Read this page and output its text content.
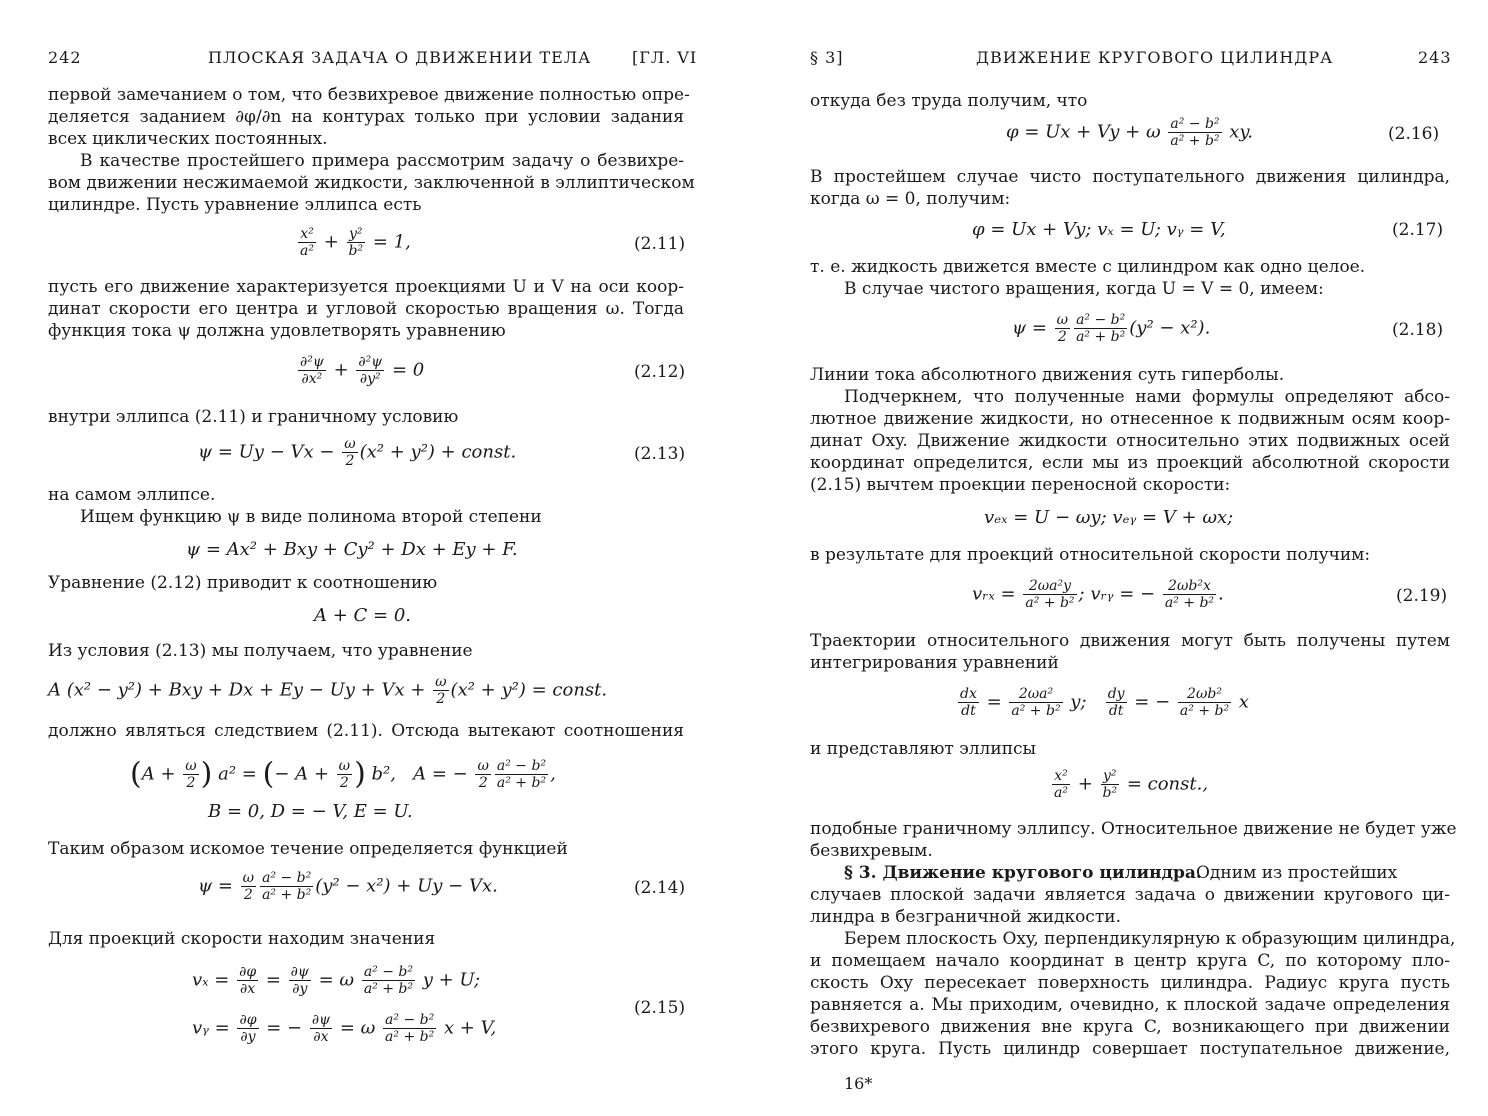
242	ПЛОСКАЯ ЗАДАЧА О ДВИЖЕНИИ ТЕЛА	[ГЛ. VI
первой замечанием о том, что безвихревое движение полностью опре-
деляется заданием ∂φ/∂n на контурах только при условии задания
всех циклических постоянных.
В качестве простейшего примера рассмотрим задачу о безвихре-
вом движении несжимаемой жидкости, заключенной в эллиптическом
цилиндре. Пусть уравнение эллипса есть
$\frac{\text{x²}}{\text{a²}} + \frac{\text{y²}}{\text{b²}} = 1$,	(2.11)
пусть его движение характеризуется проекциями U и V на оси коор-
динат скорости его центра и угловой скоростью вращения ω. Тогда
функция тока ψ должна удовлетворять уравнению
$\frac{\text{∂²ψ}}{\text{∂x²}} + \frac{\text{∂²ψ}}{\text{∂y²}} = 0$	(2.12)
внутри эллипса (2.11) и граничному условию
$\psi = Uy - Vx - \frac{\omega}{2} (x^2 + y^2)$ + const.	(2.13)
на самом эллипсе.
Ищем функцию ψ в виде полинома второй степени
ψ = Ax² + Bxy + Cy² + Dx + Ey + F.
Уравнение (2.12) приводит к соотношению
A + C = 0.
Из условия (2.13) мы получаем, что уравнение
A (x² − y²) + Bxy + $Dx + Ey - Uy + Vx + \frac{\omega}{2} (x^2 + y^2)$ = const.
должно являться следствием (2.11). Отсюда вытекают соотношения
($A + \frac{\omega}{2}$ ) a² = (− $A + \frac{\omega}{2}$ ) b²,   A = − $\frac{\omega}{2} \frac{\text{a² − b²}}{\text{a² + b²}}$ ,
B = 0, D = − V, E = U.
Таким образом искомое течение определяется функцией
$\psi = \frac{\omega}{2} \frac{\text{a² − b²}}{\text{a² + b²}} (y^2 - x^2) + Uy - Vx$.	(2.14)
Для проекций скорости находим значения
$v_x = \frac{\partial\varphi}{\partial x} = \frac{\partial\psi}{\partial y} = \omega \frac{\text{a² − b²}}{\text{a² + b²}}$ y + U;
vᵧ = $\frac{\partial\varphi}{\partial y}$ = − $\frac{\partial\psi}{\partial x} = \omega \frac{\text{a² − b²}}{\text{a² + b²}}$ x + V,
(2.15)
§ 3]	ДВИЖЕНИЕ КРУГОВОГО ЦИЛИНДРА	243
откуда без труда получим, что
φ = Ux + Vy + ω $\frac{\text{a² − b²}}{\text{a² + b²}}$ xy.	(2.16)
В простейшем случае чисто поступательного движения цилиндра,
когда ω = 0, получим:
φ = Ux + Vy; vₓ = U; vᵧ = V,	(2.17)
т. е. жидкость движется вместе с цилиндром как одно целое.
В случае чистого вращения, когда U = V = 0, имеем:
$\psi = \frac{\omega}{2} \frac{\text{a² − b²}}{\text{a² + b²}} (y^2 - x^2)$.	(2.18)
Линии тока абсолютного движения суть гиперболы.
Подчеркнем, что полученные нами формулы определяют абсо-
лютное движение жидкости, но отнесенное к подвижным осям коор-
динат Oxy. Движение жидкости относительно этих подвижных осей
координат определится, если мы из проекций абсолютной скорости
(2.15) вычтем проекции переносной скорости:
vₑₓ = U − ωy; vₑᵧ = V + ωx;
в результате для проекций относительной скорости получим:
vᵣₓ = $\frac{\text{2ωa²y}}{\text{a² + b²}}$ ; vᵣᵧ = − $\frac{\text{2ωb²x}}{\text{a² + b²}}$ .	(2.19)
Траектории относительного движения могут быть получены путем
интегрирования уравнений
$\frac{dx}{dt} = \frac{\text{2ωa²}}{\text{a² + b²}} y$; $\frac{dy}{dt}$ = − $\frac{\text{2ωb²}}{\text{a² + b²}}$ x
и представляют эллипсы
$\frac{\text{x²}}{\text{a²}} + \frac{\text{y²}}{\text{b²}}$ = const.,
подобные граничному эллипсу. Относительное движение не будет уже
безвихревым.
§ 3. Движение кругового цилиндра.
Одним из простейших
случаев плоской задачи является задача о движении кругового ци-
линдра в безграничной жидкости.
Берем плоскость Oxy, перпендикулярную к образующим цилиндра,
и помещаем начало координат в центр круга C, по которому пло-
скость Oxy пересекает поверхность цилиндра. Радиус круга пусть
равняется a. Мы приходим, очевидно, к плоской задаче определения
безвихревого движения вне круга C, возникающего при движении
этого круга. Пусть цилиндр совершает поступательное движение,
16*
